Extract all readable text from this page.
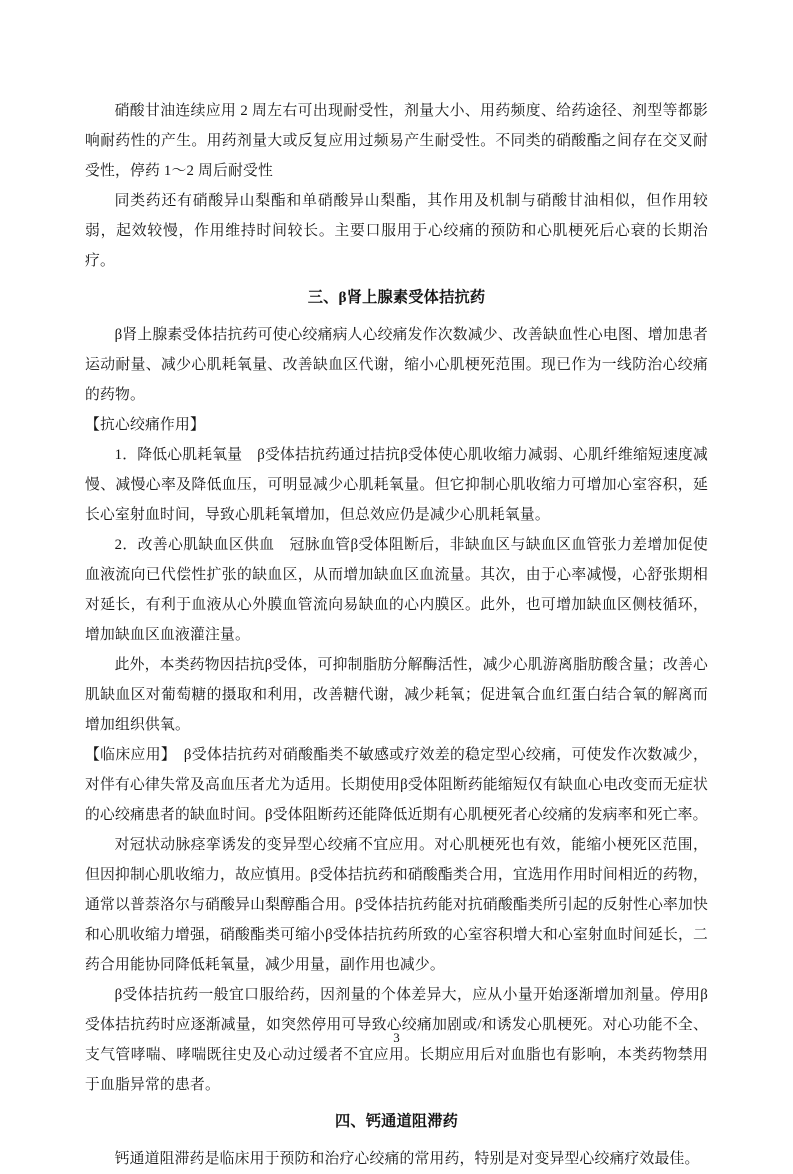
硝酸甘油连续应用 2 周左右可出现耐受性，剂量大小、用药频度、给药途径、剂型等都影响耐药性的产生。用药剂量大或反复应用过频易产生耐受性。不同类的硝酸酯之间存在交叉耐受性，停药 1～2 周后耐受性

同类药还有硝酸异山梨酯和单硝酸异山梨酯，其作用及机制与硝酸甘油相似，但作用较弱，起效较慢，作用维持时间较长。主要口服用于心绞痛的预防和心肌梗死后心衰的长期治疗。

三、β肾上腺素受体拮抗药

β肾上腺素受体拮抗药可使心绞痛病人心绞痛发作次数减少、改善缺血性心电图、增加患者运动耐量、减少心肌耗氧量、改善缺血区代谢，缩小心肌梗死范围。现已作为一线防治心绞痛的药物。

【抗心绞痛作用】

1．降低心肌耗氧量　β受体拮抗药通过拮抗β受体使心肌收缩力减弱、心肌纤维缩短速度减慢、减慢心率及降低血压，可明显减少心肌耗氧量。但它抑制心肌收缩力可增加心室容积，延长心室射血时间，导致心肌耗氧增加，但总效应仍是减少心肌耗氧量。

2．改善心肌缺血区供血　冠脉血管β受体阻断后，非缺血区与缺血区血管张力差增加促使血液流向已代偿性扩张的缺血区，从而增加缺血区血流量。其次，由于心率减慢，心舒张期相对延长，有利于血液从心外膜血管流向易缺血的心内膜区。此外，也可增加缺血区侧枝循环，增加缺血区血液灌注量。

此外，本类药物因拮抗β受体，可抑制脂肪分解酶活性，减少心肌游离脂肪酸含量；改善心肌缺血区对葡萄糖的摄取和利用，改善糖代谢，减少耗氧；促进氧合血红蛋白结合氧的解离而增加组织供氧。

【临床应用】　β受体拮抗药对硝酸酯类不敏感或疗效差的稳定型心绞痛，可使发作次数减少，对伴有心律失常及高血压者尤为适用。长期使用β受体阻断药能缩短仅有缺血心电改变而无症状的心绞痛患者的缺血时间。β受体阻断药还能降低近期有心肌梗死者心绞痛的发病率和死亡率。

对冠状动脉痉挛诱发的变异型心绞痛不宜应用。对心肌梗死也有效，能缩小梗死区范围，但因抑制心肌收缩力，故应慎用。β受体拮抗药和硝酸酯类合用，宜选用作用时间相近的药物，通常以普萘洛尔与硝酸异山梨醇酯合用。β受体拮抗药能对抗硝酸酯类所引起的反射性心率加快和心肌收缩力增强，硝酸酯类可缩小β受体拮抗药所致的心室容积增大和心室射血时间延长，二药合用能协同降低耗氧量，减少用量，副作用也减少。

β受体拮抗药一般宜口服给药，因剂量的个体差异大，应从小量开始逐渐增加剂量。停用β受体拮抗药时应逐渐减量，如突然停用可导致心绞痛加剧或/和诱发心肌梗死。对心功能不全、支气管哮喘、哮喘既往史及心动过缓者不宜应用。长期应用后对血脂也有影响，本类药物禁用于血脂异常的患者。

四、钙通道阻滞药

钙通道阻滞药是临床用于预防和治疗心绞痛的常用药，特别是对变异型心绞痛疗效最佳。

3
